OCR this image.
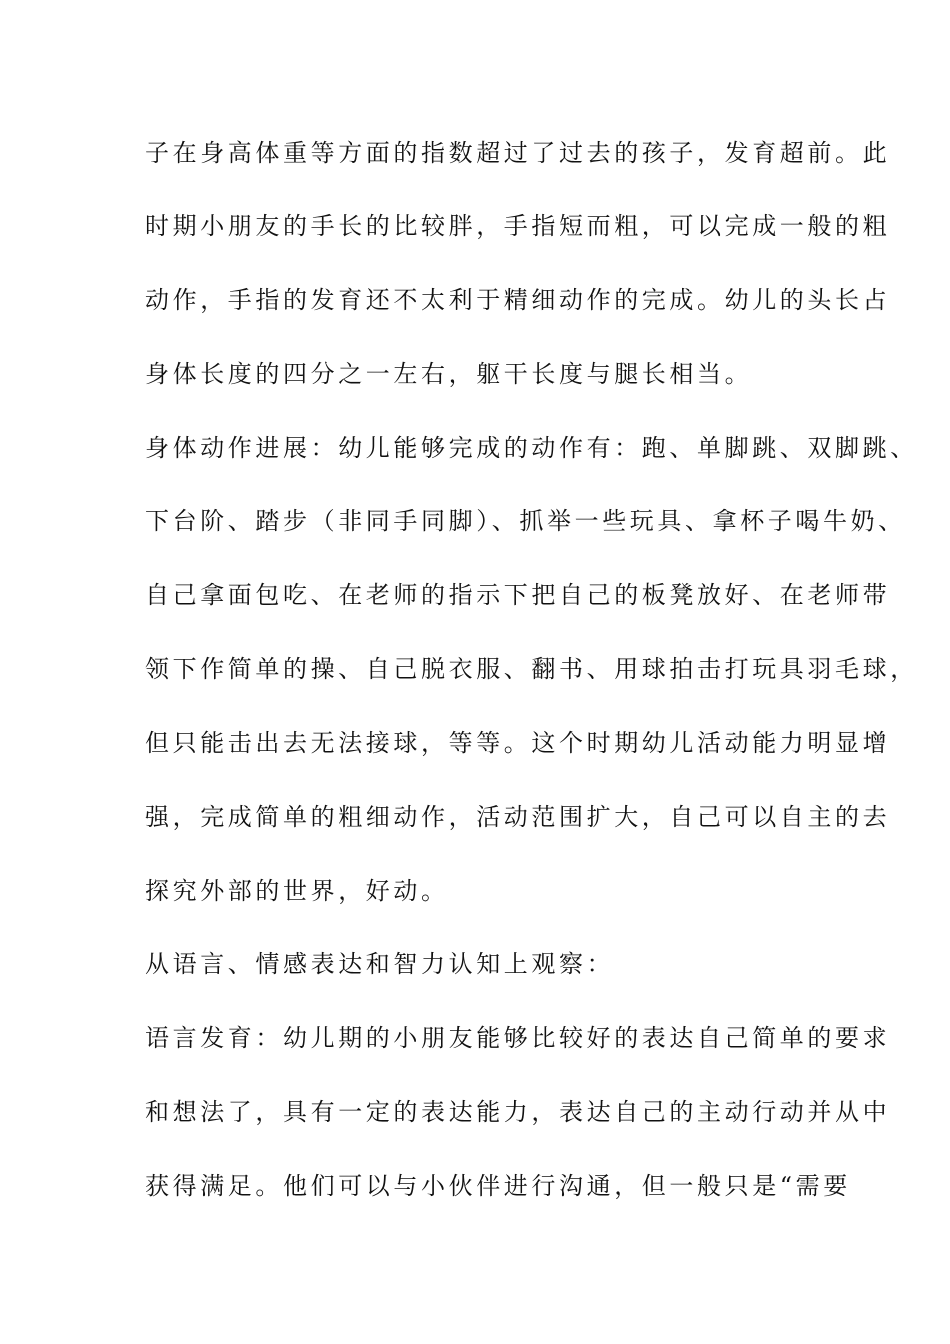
子在身高体重等方面的指数超过了过去的孩子，发育超前。此
时期小朋友的手长的比较胖，手指短而粗，可以完成一般的粗
动作，手指的发育还不太利于精细动作的完成。幼儿的头长占
身体长度的四分之一左右，躯干长度与腿长相当。
身体动作进展：幼儿能够完成的动作有：跑、单脚跳、双脚跳、
下台阶、踏步（非同手同脚）、抓举一些玩具、拿杯子喝牛奶、
自己拿面包吃、在老师的指示下把自己的板凳放好、在老师带
领下作简单的操、自己脱衣服、翻书、用球拍击打玩具羽毛球，
但只能击出去无法接球，等等。这个时期幼儿活动能力明显增
强，完成简单的粗细动作，活动范围扩大，自己可以自主的去
探究外部的世界，好动。
从语言、情感表达和智力认知上观察：
语言发育：幼儿期的小朋友能够比较好的表达自己简单的要求
和想法了，具有一定的表达能力，表达自己的主动行动并从中
获得满足。他们可以与小伙伴进行沟通，但一般只是“需要
